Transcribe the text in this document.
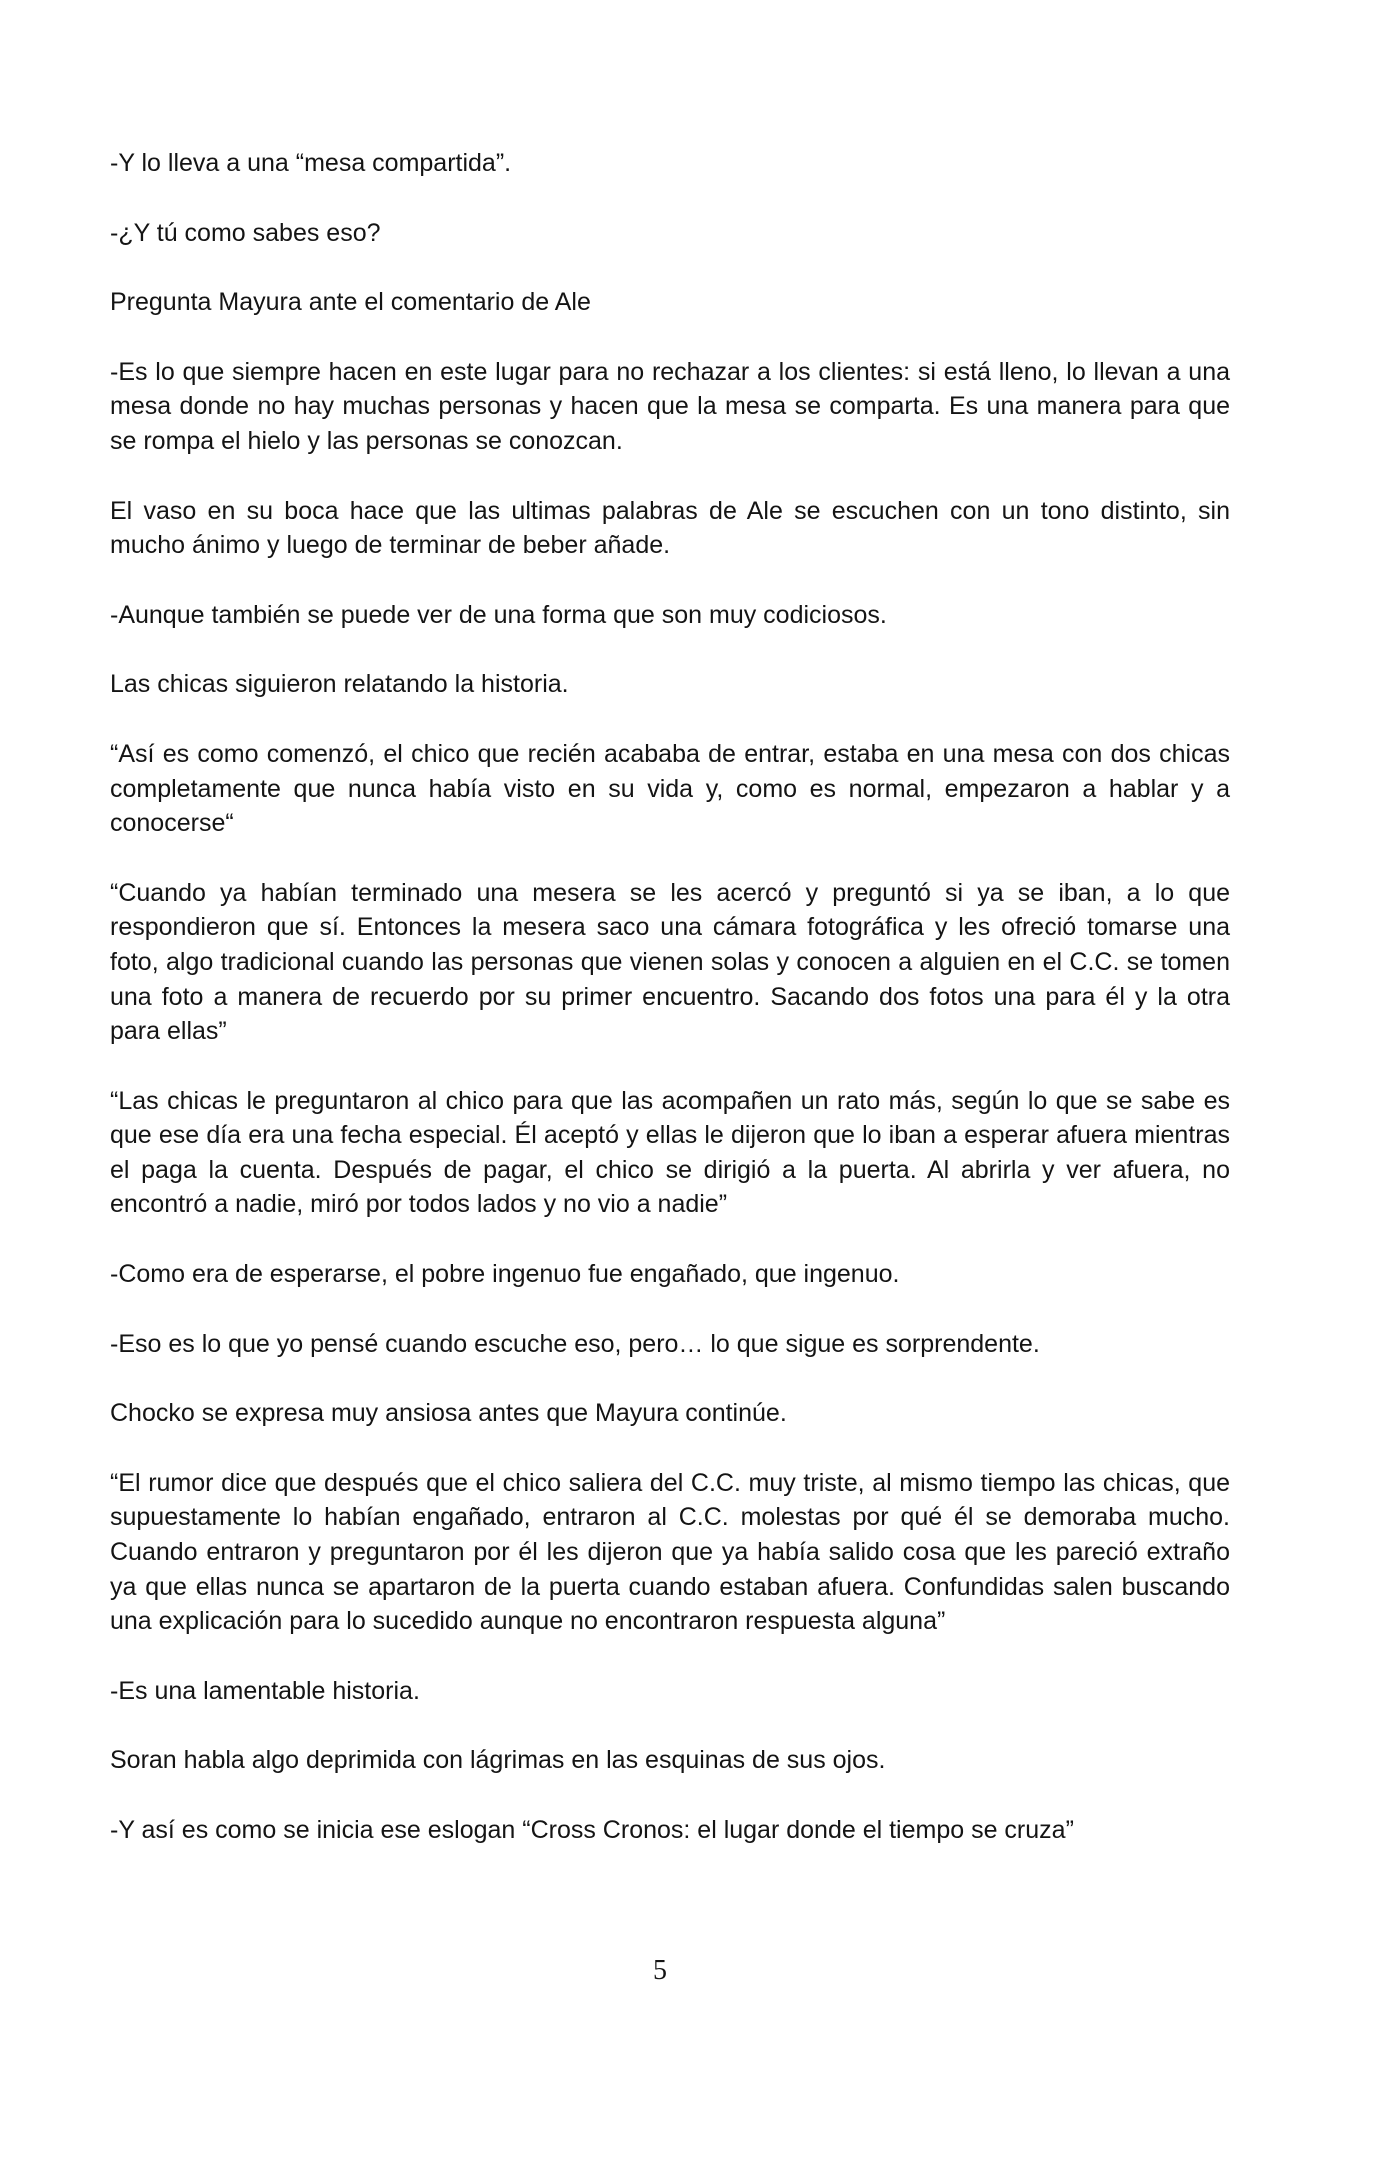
-Y lo lleva a una “mesa compartida”.

-¿Y tú como sabes eso?

Pregunta Mayura ante el comentario de Ale

-Es lo que siempre hacen en este lugar para no rechazar a los clientes: si está lleno, lo llevan a una mesa donde no hay muchas personas y hacen que la mesa se comparta. Es una manera para que se rompa el hielo y las personas se conozcan.

El vaso en su boca hace que las ultimas palabras de Ale se escuchen con un tono distinto, sin mucho ánimo y luego de terminar de beber añade.

-Aunque también se puede ver de una forma que son muy codiciosos.

Las chicas siguieron relatando la historia.

“Así es como comenzó, el chico que recién acababa de entrar, estaba en una mesa con dos chicas completamente que nunca había visto en su vida y, como es normal, empezaron a hablar y a conocerse“

“Cuando ya habían terminado una mesera se les acercó y preguntó si ya se iban, a lo que respondieron que sí. Entonces la mesera saco una cámara fotográfica y les ofreció tomarse una foto, algo tradicional cuando las personas que vienen solas y conocen a alguien en el C.C. se tomen una foto a manera de recuerdo por su primer encuentro. Sacando dos fotos una para él y la otra para ellas”

“Las chicas le preguntaron al chico para que las acompañen un rato más, según lo que se sabe es que ese día era una fecha especial. Él aceptó y ellas le dijeron que lo iban a esperar afuera mientras el paga la cuenta. Después de pagar, el chico se dirigió a la puerta. Al abrirla y ver afuera, no encontró a nadie, miró por todos lados y no vio a nadie”

-Como era de esperarse, el pobre ingenuo fue engañado, que ingenuo.

-Eso es lo que yo pensé cuando escuche eso, pero… lo que sigue es sorprendente.

Chocko se expresa muy ansiosa antes que Mayura continúe.

“El rumor dice que después que el chico saliera del C.C. muy triste, al mismo tiempo las chicas, que supuestamente lo habían engañado, entraron al C.C. molestas por qué él se demoraba mucho. Cuando entraron y preguntaron por él les dijeron que ya había salido cosa que les pareció extraño ya que ellas nunca se apartaron de la puerta cuando estaban afuera. Confundidas salen buscando una explicación para lo sucedido aunque no encontraron respuesta alguna”

-Es una lamentable historia.

Soran habla algo deprimida con lágrimas en las esquinas de sus ojos.

-Y así es como se inicia ese eslogan “Cross Cronos: el lugar donde el tiempo se cruza”

5
